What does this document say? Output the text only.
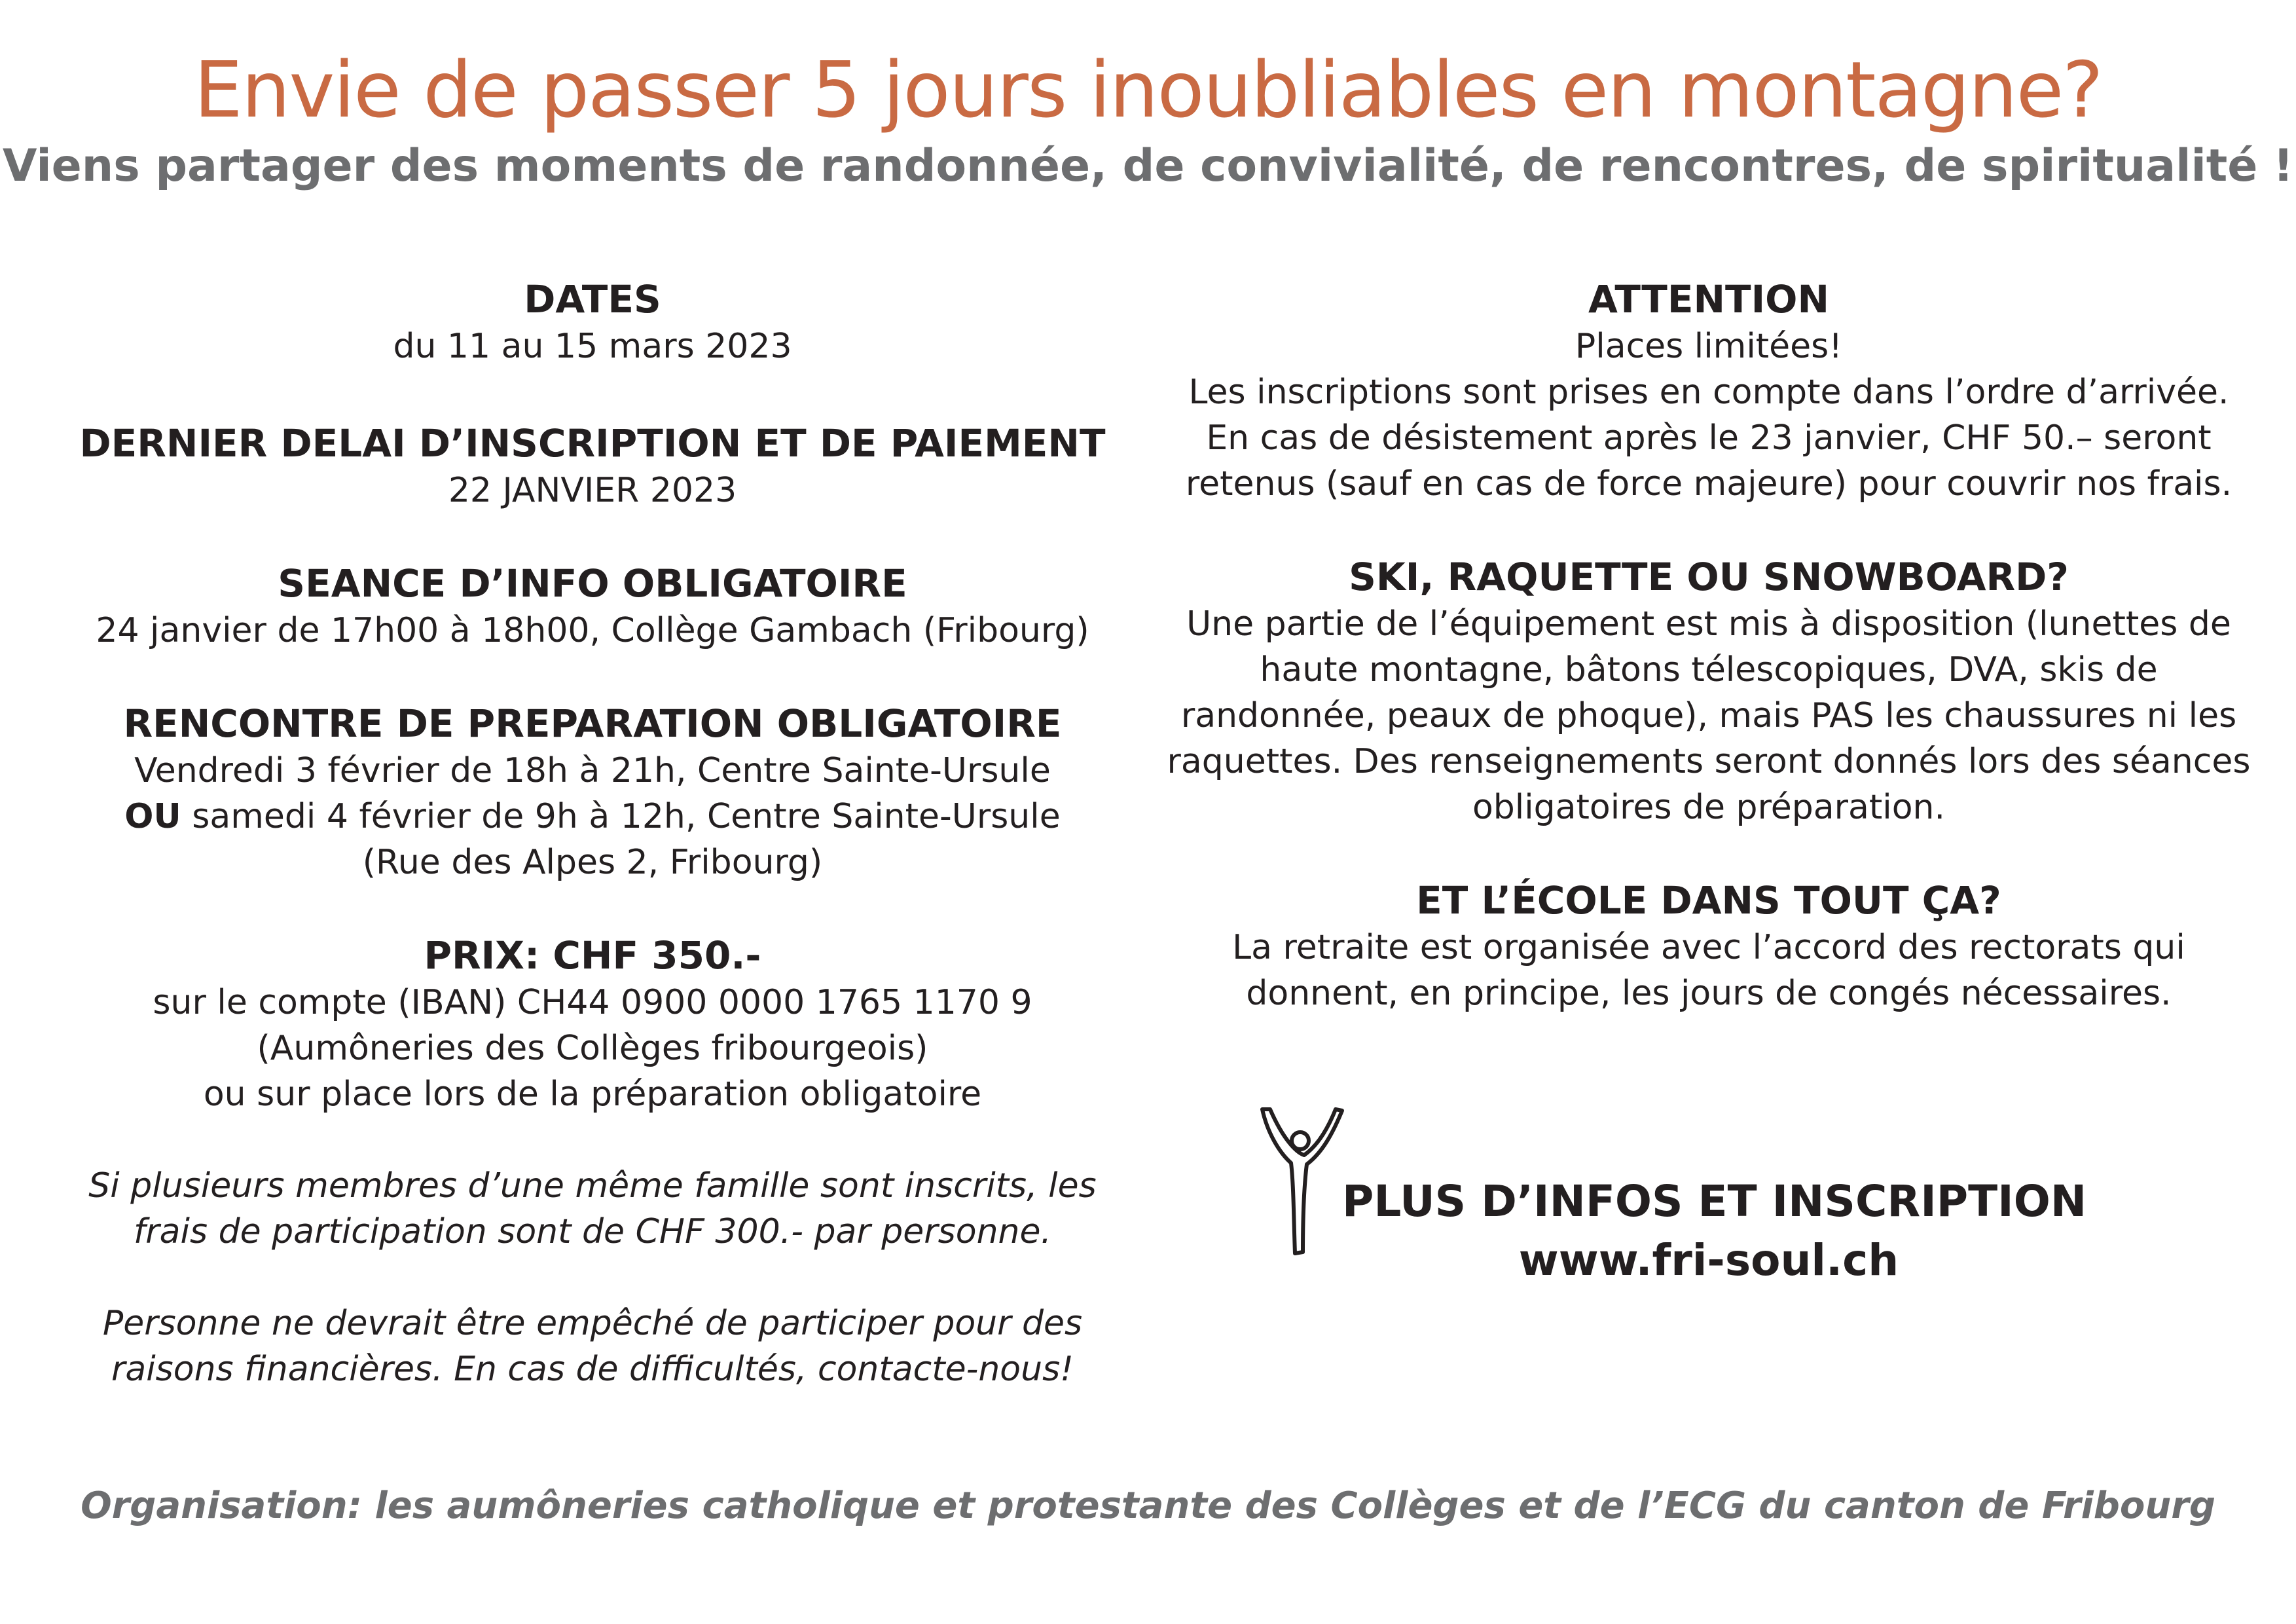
Envie de passer 5 jours inoubliables en montagne?
Viens partager des moments de randonnée, de convivialité, de rencontres, de spiritualité !
DATES
du 11 au 15 mars 2023
DERNIER DELAI D’INSCRIPTION ET DE PAIEMENT
22 JANVIER 2023
SEANCE D’INFO OBLIGATOIRE
24 janvier de 17h00 à 18h00, Collège Gambach (Fribourg)
RENCONTRE DE PREPARATION OBLIGATOIRE
Vendredi 3 février de 18h à 21h, Centre Sainte-Ursule
OU samedi 4 février de 9h à 12h, Centre Sainte-Ursule
(Rue des Alpes 2, Fribourg)
PRIX: CHF 350.-
sur le compte (IBAN) CH44 0900 0000 1765 1170 9
(Aumôneries des Collèges fribourgeois)
ou sur place lors de la préparation obligatoire
Si plusieurs membres d’une même famille sont inscrits, les
frais de participation sont de CHF 300.- par personne.
Personne ne devrait être empêché de participer pour des
raisons financières. En cas de difficultés, contacte-nous!
ATTENTION
Places limitées!
Les inscriptions sont prises en compte dans l’ordre d’arrivée.
En cas de désistement après le 23 janvier, CHF 50.– seront
retenus (sauf en cas de force majeure) pour couvrir nos frais.
SKI, RAQUETTE OU SNOWBOARD?
Une partie de l’équipement est mis à disposition (lunettes de
haute montagne, bâtons télescopiques, DVA, skis de
randonnée, peaux de phoque), mais PAS les chaussures ni les
raquettes. Des renseignements seront donnés lors des séances
obligatoires de préparation.
ET L’ÉCOLE DANS TOUT ÇA?
La retraite est organisée avec l’accord des rectorats qui
donnent, en principe, les jours de congés nécessaires.
PLUS D’INFOS ET INSCRIPTION
www.fri-soul.ch
Organisation: les aumôneries catholique et protestante des Collèges et de l’ECG du canton de Fribourg
